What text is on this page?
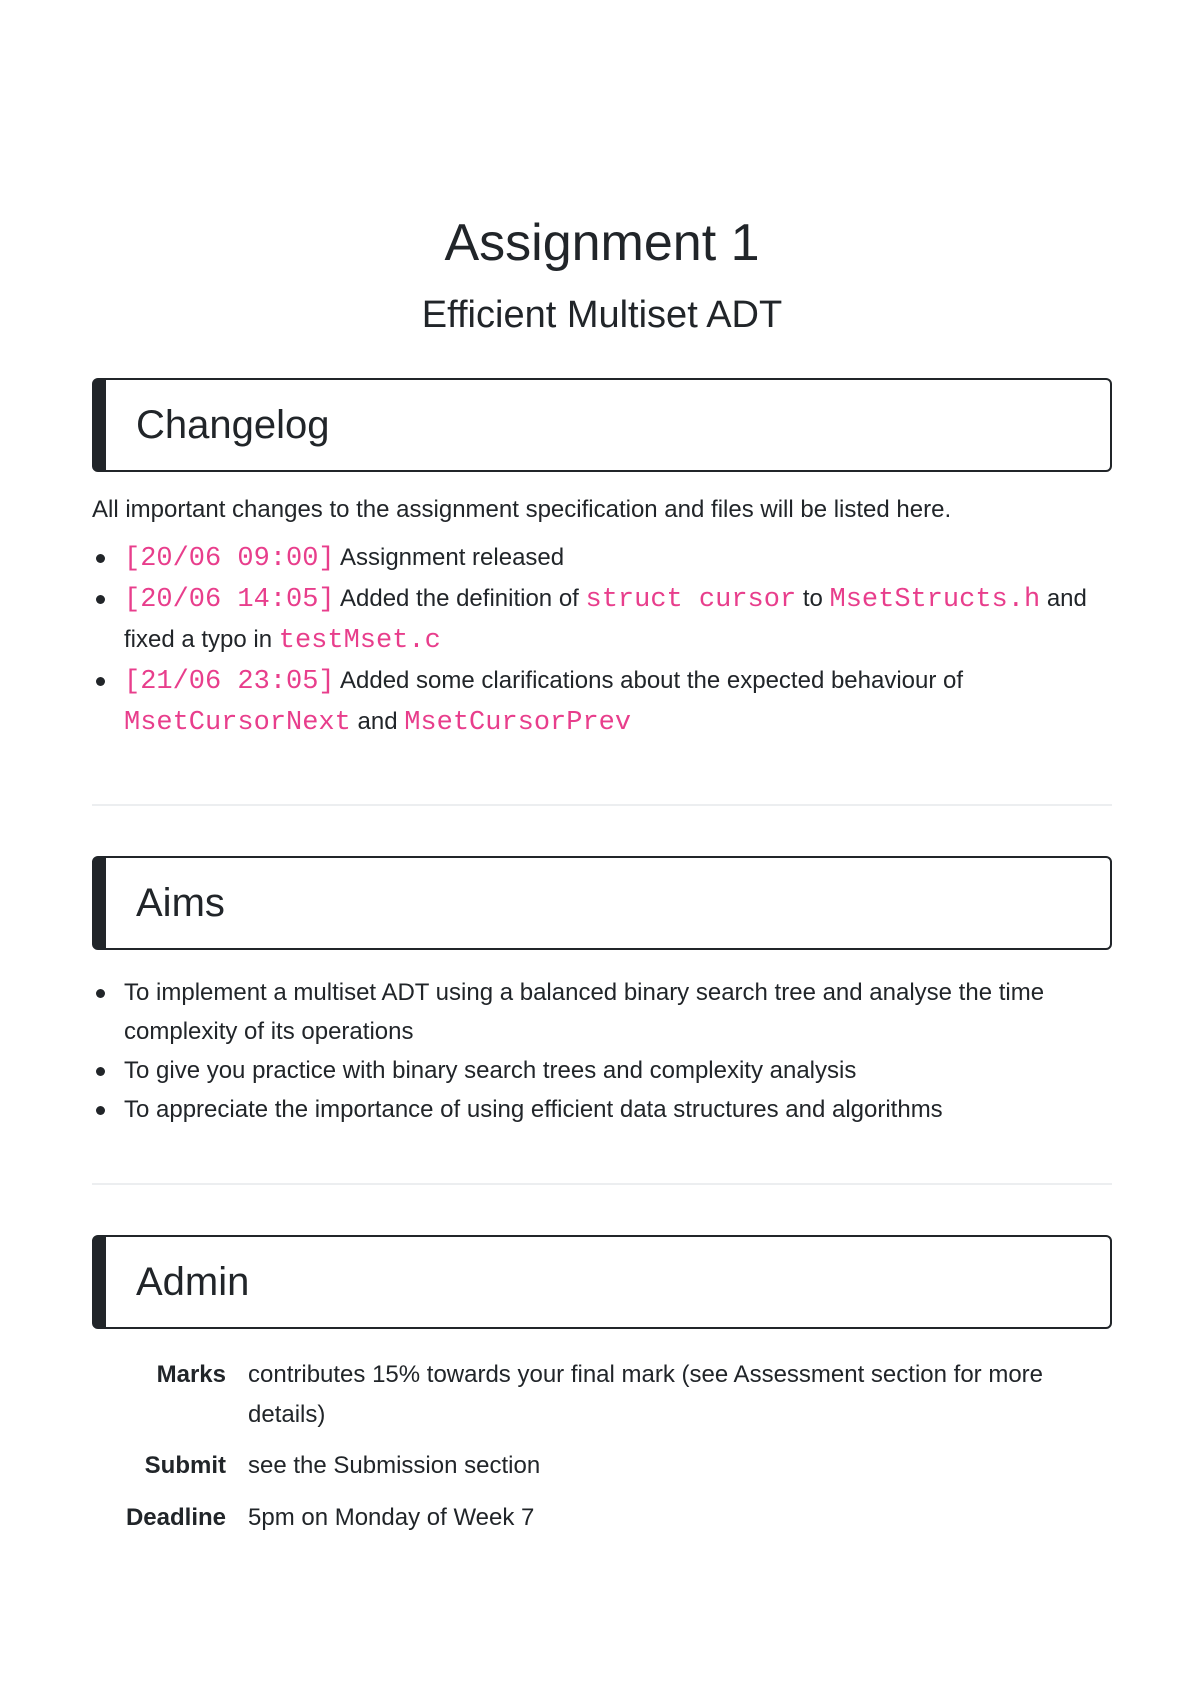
Assignment 1
Efficient Multiset ADT
Changelog

All important changes to the assignment specification and files will be listed here.

[20/06 09:00] Assignment released
[20/06 14:05] Added the definition of struct cursor to MsetStructs.h and fixed a typo in testMset.c
[21/06 23:05] Added some clarifications about the expected behaviour of MsetCursorNext and MsetCursorPrev
Aims
To implement a multiset ADT using a balanced binary search tree and analyse the time complexity of its operations
To give you practice with binary search trees and complexity analysis
To appreciate the importance of using efficient data structures and algorithms
Admin
Marks contributes 15% towards your final mark (see Assessment section for more details)
Submit see the Submission section
Deadline 5pm on Monday of Week 7
